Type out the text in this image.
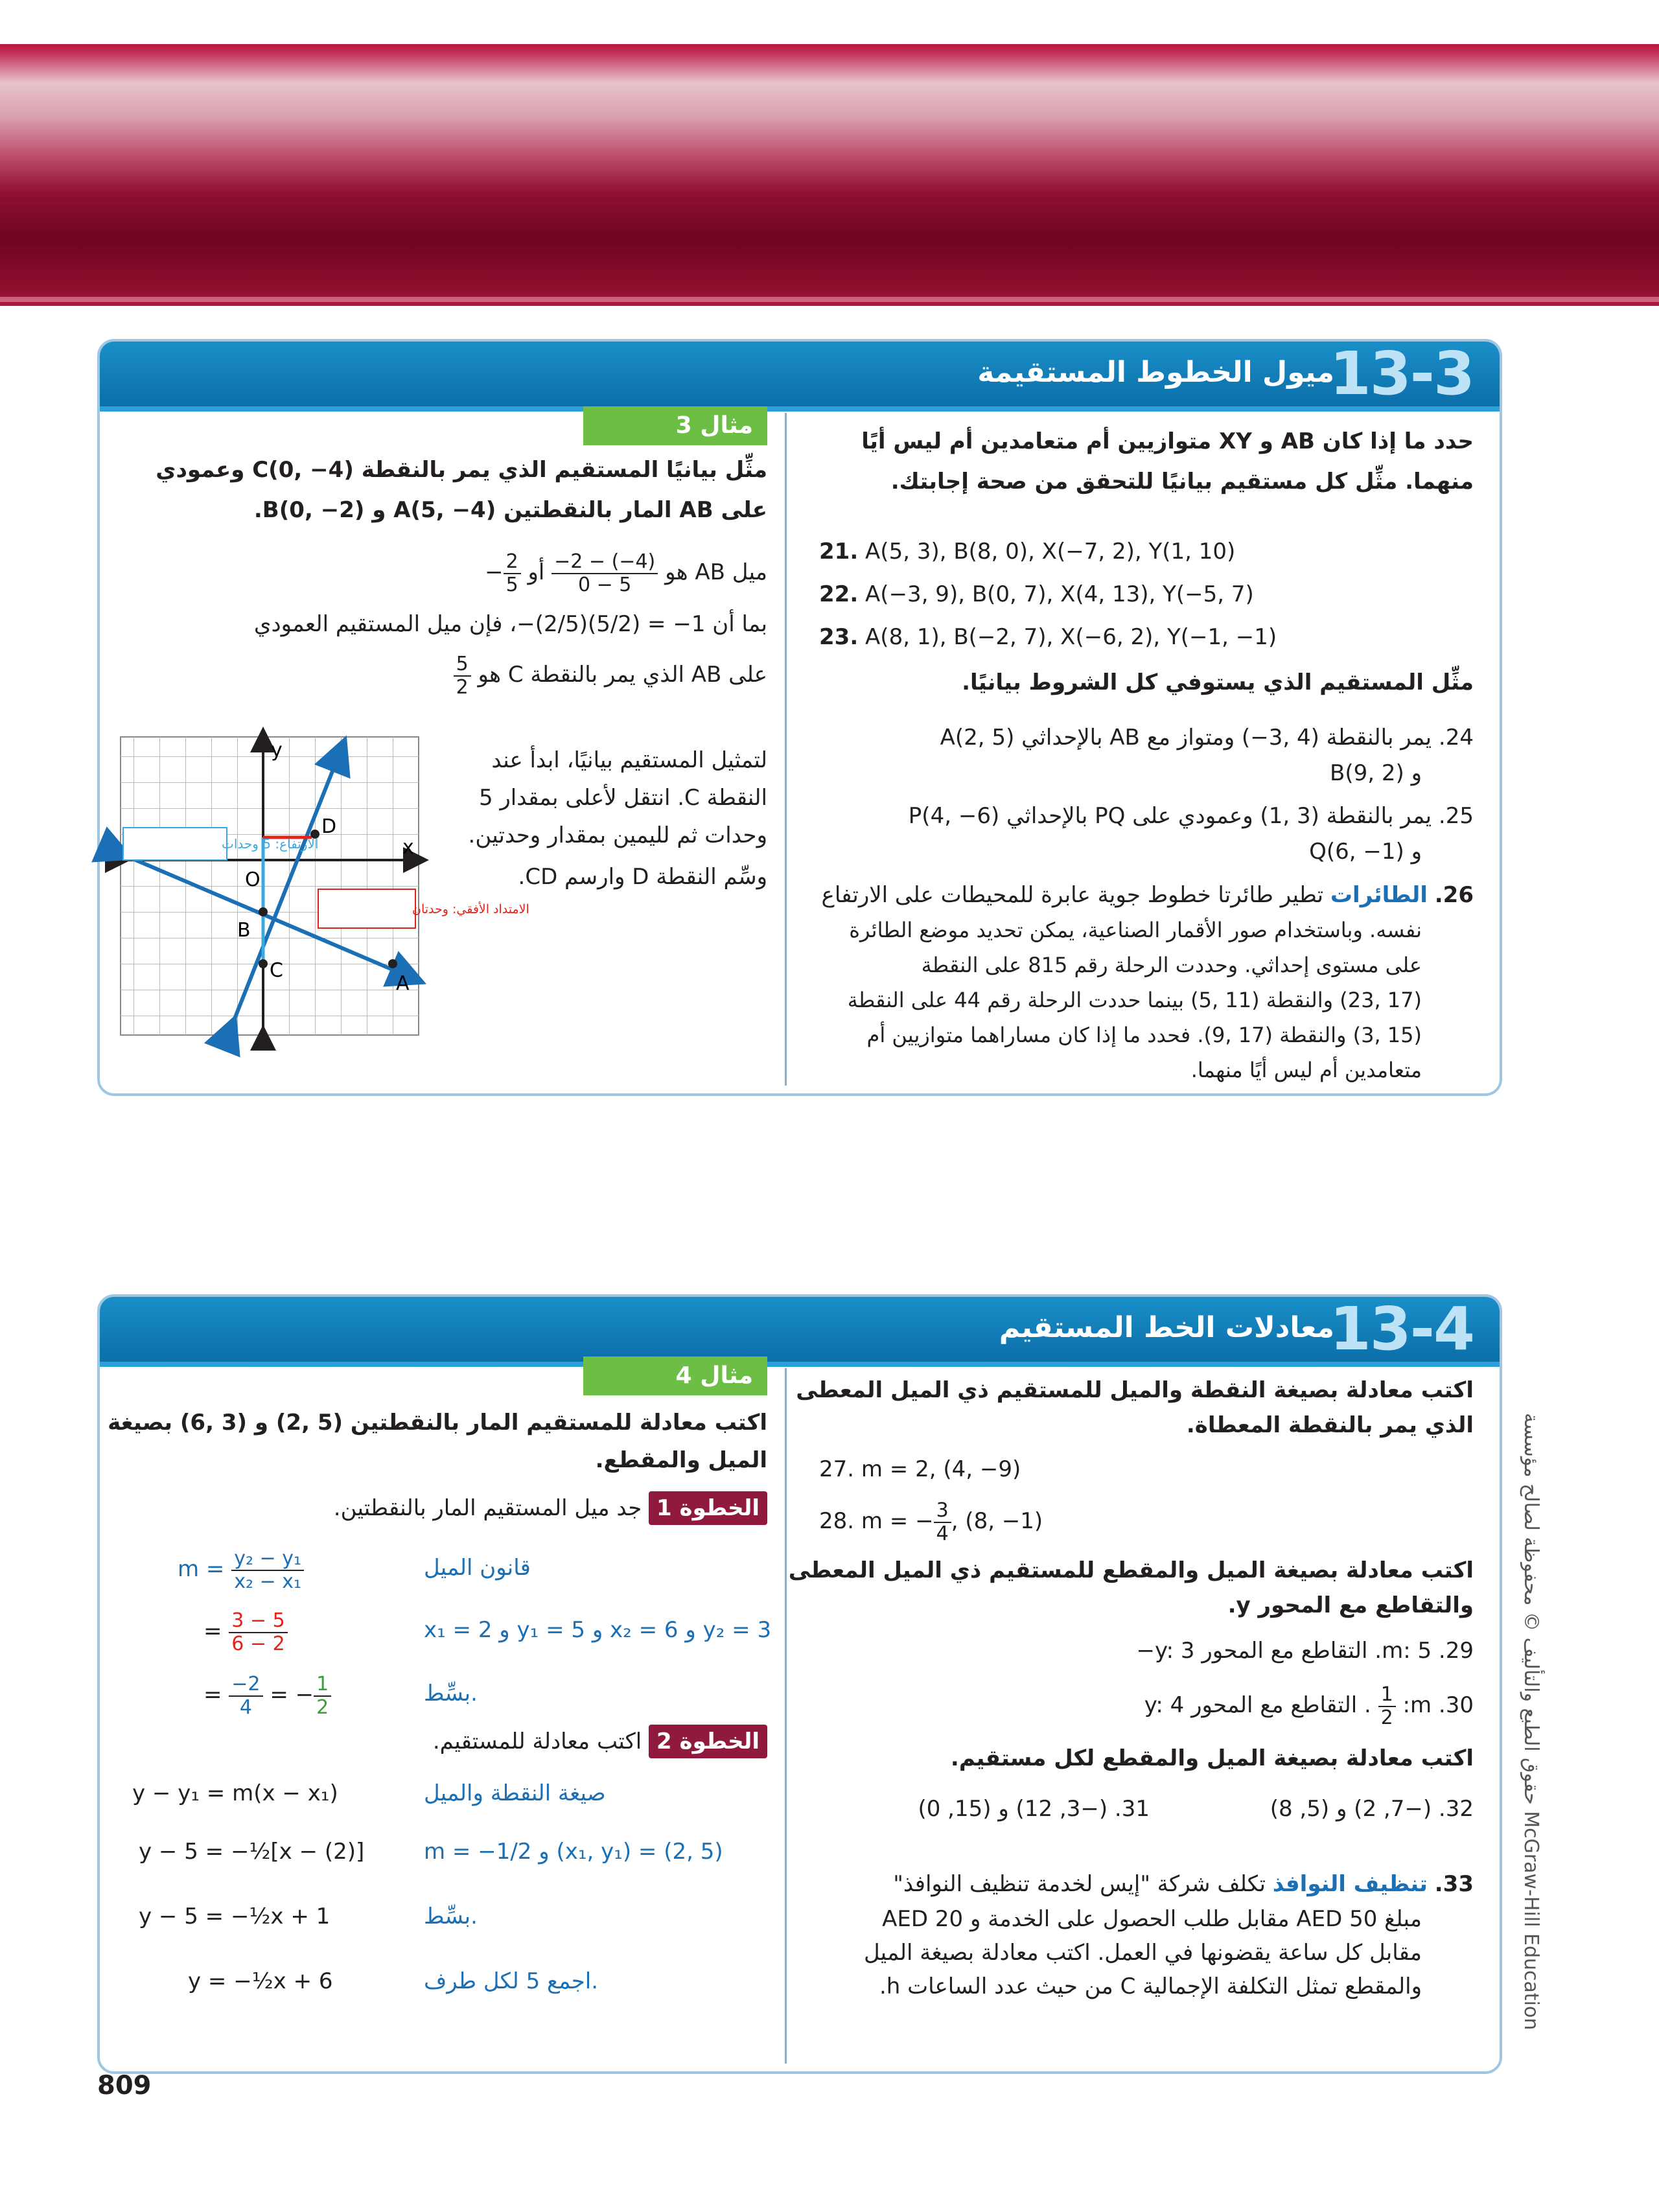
13-3
ميول الخطوط المستقيمة
حدد ما إذا كان AB و XY متوازيين أم متعامدين أم ليس أيًا
منهما. مثِّل كل مستقيم بيانيًا للتحقق من صحة إجابتك.
21. A(5, 3), B(8, 0), X(−7, 2), Y(1, 10)
22. A(−3, 9), B(0, 7), X(4, 13), Y(−5, 7)
23. A(8, 1), B(−2, 7), X(−6, 2), Y(−1, −1)
مثِّل المستقيم الذي يستوفي كل الشروط بيانيًا.
24. يمر بالنقطة (4 ,3−) ومتواز مع AB بالإحداثي (5 ,2)A
و (2 ,9)B
25. يمر بالنقطة (3 ,1) وعمودي على PQ بالإحداثي (6− ,4)P
و (1− ,6)Q
26. الطائرات تطير طائرتا خطوط جوية عابرة للمحيطات على الارتفاع
نفسه. وباستخدام صور الأقمار الصناعية، يمكن تحديد موضع الطائرة
على مستوى إحداثي. وحددت الرحلة رقم 815 على النقطة
(17 ,23) والنقطة (11 ,5) بينما حددت الرحلة رقم 44 على النقطة
(15 ,3) والنقطة (17 ,9). فحدد ما إذا كان مساراهما متوازيين أم
متعامدين أم ليس أيًا منهما.
مثال 3
مثِّل بيانيًا المستقيم الذي يمر بالنقطة (4− ,0)C وعمودي
على AB المار بالنقطتين (4− ,5)A و (2− ,0)B.
ميل AB هو
$\frac{-2 - (-4)}{0 - 5}$
أو − $\frac{2}{5}$
بما أن 1− = (5/2)(2/5)−، فإن ميل المستقيم العمودي
على AB الذي يمر بالنقطة C هو
$\frac{5}{2}$
لتمثيل المستقيم بيانيًا، ابدأ عند
النقطة C. انتقل لأعلى بمقدار 5
وحدات ثم لليمين بمقدار وحدتين.
وسِّم النقطة D وارسم CD.
y
x
O
A
B
C
D
الارتفاع: 5 وحدات
الامتداد الأفقي: وحدتان
13-4
معادلات الخط المستقيم
اكتب معادلة بصيغة النقطة والميل للمستقيم ذي الميل المعطى
الذي يمر بالنقطة المعطاة.
27. m = 2, (4, −9)
28. m = − $\frac{3}{4}$ , (8, −1)
اكتب معادلة بصيغة الميل والمقطع للمستقيم ذي الميل المعطى
والتقاطع مع المحور y.
29. m: 5. التقاطع مع المحور y: 3−
30. m:
$\frac{1}{2}$
. التقاطع مع المحور y: 4
اكتب معادلة بصيغة الميل والمقطع لكل مستقيم.
31. (−3, 12) و (15, 0)	32. (−7, 2) و (5, 8)
33. تنظيف النوافذ تكلف شركة "إيس لخدمة تنظيف النوافذ"
مبلغ 50 AED مقابل طلب الحصول على الخدمة و 20 AED
مقابل كل ساعة يقضونها في العمل. اكتب معادلة بصيغة الميل
والمقطع تمثل التكلفة الإجمالية C من حيث عدد الساعات h.
مثال 4
اكتب معادلة للمستقيم المار بالنقطتين (5 ,2) و (3 ,6) بصيغة
الميل والمقطع.
الخطوة 1 جد ميل المستقيم المار بالنقطتين.
$m = \frac{\text{y₂ − y₁}}{\text{x₂ − x₁}}$	قانون الميل
= $\frac{3 - 5}{6 - 2}$	x₁ = 2 و y₁ = 5 و x₂ = 6 و y₂ = 3
= $\frac{-2}{4}$ = − $\frac{1}{2}$	بسِّط.
الخطوة 2 اكتب معادلة للمستقيم.
y − y₁ = m(x − x₁)	صيغة النقطة والميل
y − 5 = −½[x − (2)]	m = −1/2 و (x₁, y₁) = (2, 5)
y − 5 = −½x + 1	بسِّط.
y = −½x + 6	اجمع 5 لكل طرف.
809
حقوق الطبع والتأليف © محفوظة لصالح مؤسسة McGraw-Hill Education
